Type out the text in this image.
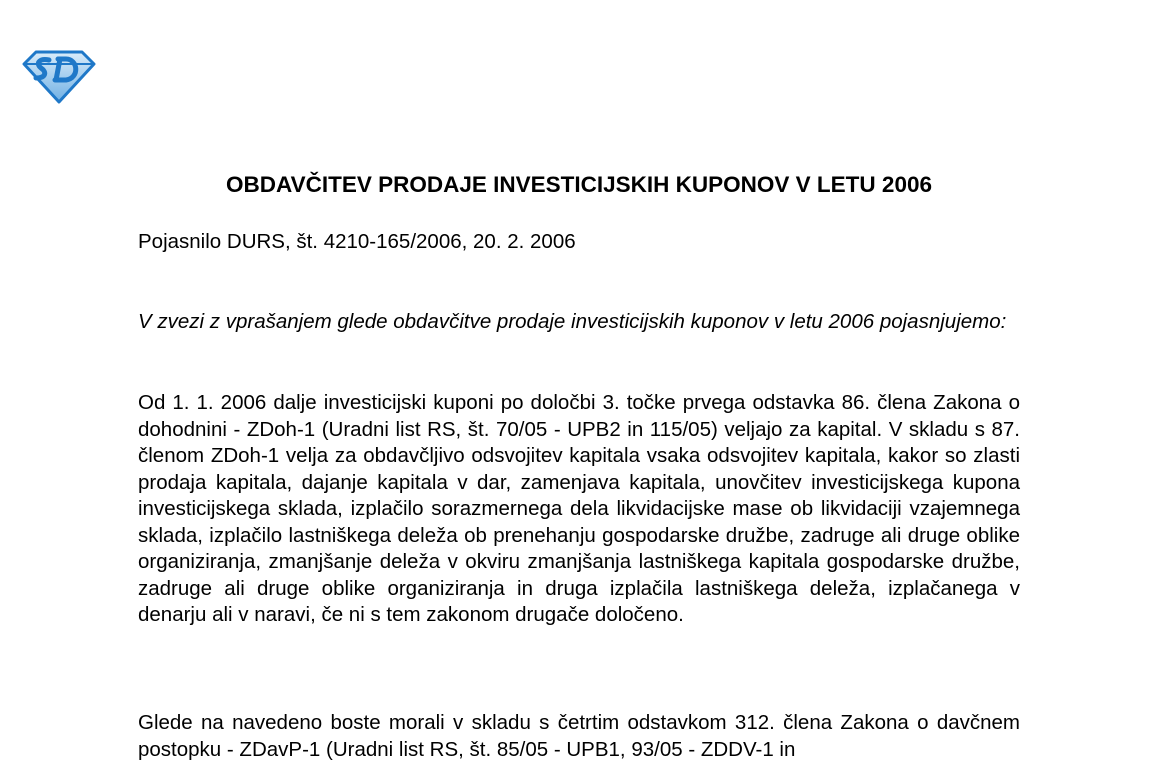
OBDAVČITEV PRODAJE INVESTICIJSKIH KUPONOV V LETU 2006
Pojasnilo DURS, št. 4210-165/2006, 20. 2. 2006

V zvezi z vprašanjem glede obdavčitve prodaje investicijskih kuponov v letu 2006 pojasnjujemo:

Od 1. 1. 2006 dalje investicijski kuponi po določbi 3. točke prvega odstavka 86. člena Zakona o dohodnini - ZDoh-1 (Uradni list RS, št. 70/05 - UPB2 in 115/05) veljajo za kapital. V skladu s 87. členom ZDoh-1 velja za obdavčljivo odsvojitev kapitala vsaka odsvojitev kapitala, kakor so zlasti prodaja kapitala, dajanje kapitala v dar, zamenjava kapitala, unovčitev investicijskega kupona investicijskega sklada, izplačilo sorazmernega dela likvidacijske mase ob likvidaciji vzajemnega sklada, izplačilo lastniškega deleža ob prenehanju gospodarske družbe, zadruge ali druge oblike organiziranja, zmanjšanje deleža v okviru zmanjšanja lastniškega kapitala gospodarske družbe, zadruge ali druge oblike organiziranja in druga izplačila lastniškega deleža, izplačanega v denarju ali v naravi, če ni s tem zakonom drugače določeno.

Glede na navedeno boste morali v skladu s četrtim odstavkom 312. člena Zakona o davčnem postopku - ZDavP-1 (Uradni list RS, št. 85/05 - UPB1, 93/05 - ZDDV-1 in
